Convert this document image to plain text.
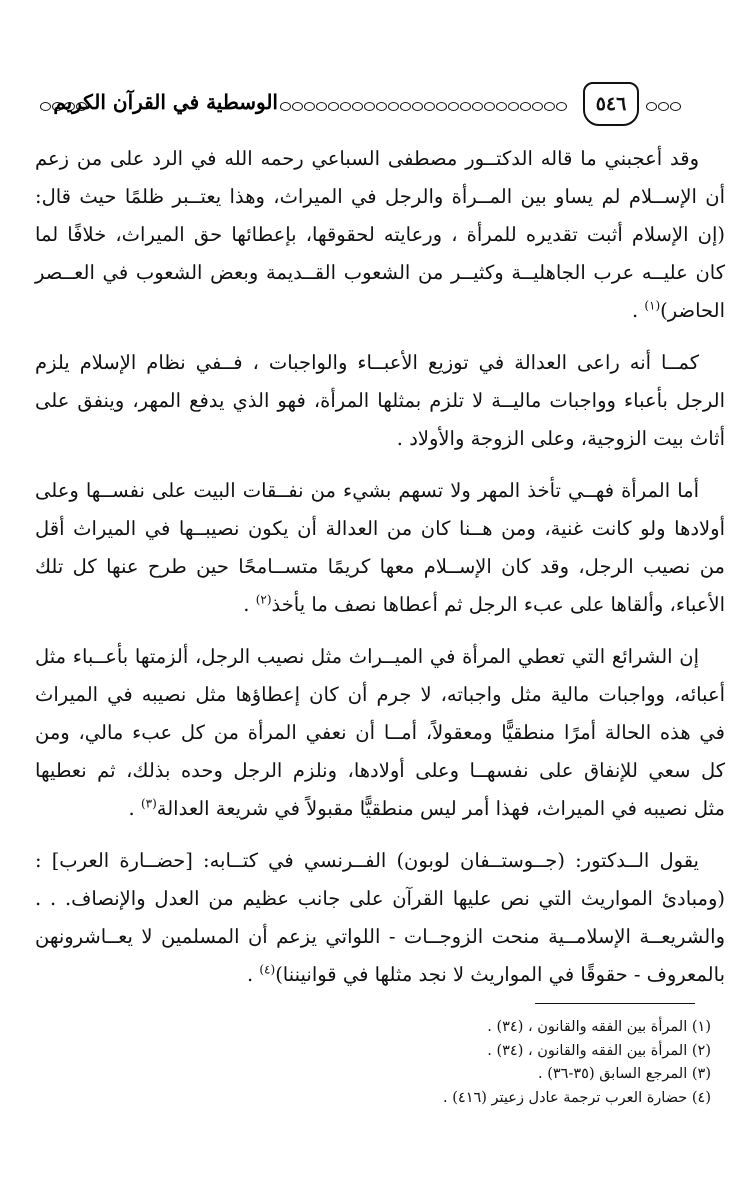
الوسطية في القرآن الكريم	٥٤٦

وقد أعجبني ما قاله الدكتــور مصطفى السباعي رحمه الله في الرد على من زعم
أن الإســلام لم يساو بين المــرأة والرجل في الميراث، وهذا يعتــبر ظلمًا حيث قال:
(إن الإسلام أثبت تقديره للمرأة ، ورعايته لحقوقها، بإعطائها حق الميراث، خلافًا لما
كان عليــه عرب الجاهليــة وكثيــر من الشعوب القــديمة وبعض الشعوب في العــصر
الحاضر)$^{(١)}$ .

كمــا أنه راعى العدالة في توزيع الأعبــاء والواجبات ، فــفي نظام الإسلام يلزم
الرجل بأعباء وواجبات ماليــة لا تلزم بمثلها المرأة، فهو الذي يدفع المهر، وينفق على
أثاث بيت الزوجية، وعلى الزوجة والأولاد .

أما المرأة فهــي تأخذ المهر ولا تسهم بشيء من نفــقات البيت على نفســها وعلى
أولادها ولو كانت غنية، ومن هــنا كان من العدالة أن يكون نصيبــها في الميراث أقل
من نصيب الرجل، وقد كان الإســلام معها كريمًا متســامحًا حين طرح عنها كل تلك
الأعباء، وألقاها على عبء الرجل ثم أعطاها نصف ما يأخذ$^{(٢)}$ .

إن الشرائع التي تعطي المرأة في الميــراث مثل نصيب الرجل، ألزمتها بأعــباء مثل
أعبائه، وواجبات مالية مثل واجباته، لا جرم أن كان إعطاؤها مثل نصيبه في الميراث
في هذه الحالة أمرًا منطقيًّا ومعقولاً، أمــا أن نعفي المرأة من كل عبء مالي، ومن
كل سعي للإنفاق على نفسهــا وعلى أولادها، ونلزم الرجل وحده بذلك، ثم نعطيها
مثل نصيبه في الميراث، فهذا أمر ليس منطقيًّا مقبولاً في شريعة العدالة$^{(٣)}$ .

يقول الــدكتور: (جــوستــفان لوبون) الفــرنسي في كتــابه: [حضــارة العرب] :
(ومبادئ المواريث التي نص عليها القرآن على جانب عظيم من العدل والإنصاف. . .
والشريعــة الإسلامــية منحت الزوجــات - اللواتي يزعم أن المسلمين لا يعــاشرونهن
بالمعروف - حقوقًا في المواريث لا نجد مثلها في قوانيننا)$^{(٤)}$ .

(١) المرأة بين الفقه والقانون ، (٣٤) .
(٢) المرأة بين الفقه والقانون ، (٣٤) .
(٣) المرجع السابق (٣٥-٣٦) .
(٤) حضارة العرب ترجمة عادل زعيتر (٤١٦) .
